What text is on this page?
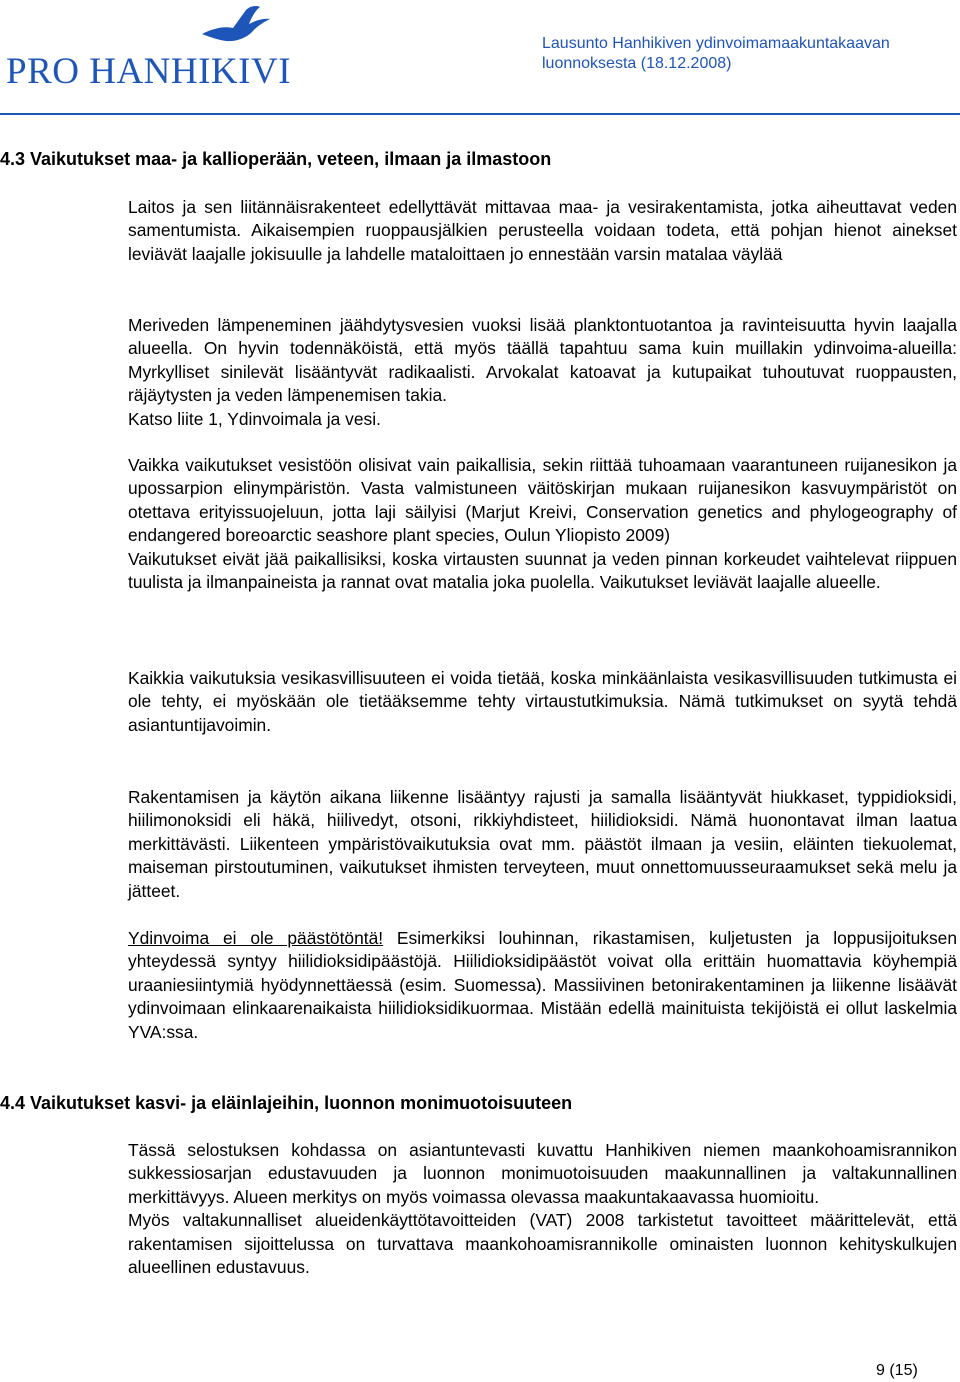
PRO HANHIKIVI
Lausunto Hanhikiven ydinvoimamaakuntakaavan
luonnoksesta (18.12.2008)
4.3 Vaikutukset maa- ja kallioperään, veteen, ilmaan ja ilmastoon

Laitos ja sen liitännäisrakenteet edellyttävät mittavaa maa- ja vesirakentamista, jotka aiheuttavat veden samentumista. Aikaisempien ruoppausjälkien perusteella voidaan todeta, että pohjan hienot ainekset leviävät laajalle jokisuulle ja lahdelle mataloittaen jo ennestään varsin matalaa väylää

Meriveden lämpeneminen jäähdytysvesien vuoksi lisää planktontuotantoa ja ravinteisuutta hyvin laajalla alueella. On hyvin todennäköistä, että myös täällä tapahtuu sama kuin muillakin ydinvoima-alueilla: Myrkylliset sinilevät lisääntyvät radikaalisti. Arvokalat katoavat ja kutupaikat tuhoutuvat ruoppausten, räjäytysten ja veden lämpenemisen takia.

Katso liite 1, Ydinvoimala ja vesi.

Vaikka vaikutukset vesistöön olisivat vain paikallisia, sekin riittää tuhoamaan vaarantuneen ruijanesikon ja upossarpion elinympäristön. Vasta valmistuneen väitöskirjan mukaan ruijanesikon kasvuympäristöt on otettava erityissuojeluun, jotta laji säilyisi (Marjut Kreivi, Conservation genetics and phylogeography of endangered boreoarctic seashore plant species, Oulun Yliopisto 2009)

Vaikutukset eivät jää paikallisiksi, koska virtausten suunnat ja veden pinnan korkeudet vaihtelevat riippuen tuulista ja ilmanpaineista ja rannat ovat matalia joka puolella. Vaikutukset leviävät laajalle alueelle.

Kaikkia vaikutuksia vesikasvillisuuteen ei voida tietää, koska minkäänlaista vesikasvillisuuden tutkimusta ei ole tehty, ei myöskään ole tietääksemme tehty virtaustutkimuksia. Nämä tutkimukset on syytä tehdä asiantuntijavoimin.

Rakentamisen ja käytön aikana liikenne lisääntyy rajusti ja samalla lisääntyvät hiukkaset, typpidioksidi, hiilimonoksidi eli häkä, hiilivedyt, otsoni, rikkiyhdisteet, hiilidioksidi. Nämä huonontavat ilman laatua merkittävästi. Liikenteen ympäristövaikutuksia ovat mm. päästöt ilmaan ja vesiin, eläinten tiekuolemat, maiseman pirstoutuminen, vaikutukset ihmisten terveyteen, muut onnettomuusseuraamukset sekä melu ja jätteet.

Ydinvoima ei ole päästötöntä! Esimerkiksi louhinnan, rikastamisen, kuljetusten ja loppusijoituksen yhteydessä syntyy hiilidioksidipäästöjä. Hiilidioksidipäästöt voivat olla erittäin huomattavia köyhempiä uraaniesiintymiä hyödynnettäessä (esim. Suomessa). Massiivinen betonirakentaminen ja liikenne lisäävät ydinvoimaan elinkaarenaikaista hiilidioksidikuormaa. Mistään edellä mainituista tekijöistä ei ollut laskelmia YVA:ssa.

4.4 Vaikutukset kasvi- ja eläinlajeihin, luonnon monimuotoisuuteen

Tässä selostuksen kohdassa on asiantuntevasti kuvattu Hanhikiven niemen maankohoamisrannikon sukkessiosarjan edustavuuden ja luonnon monimuotoisuuden maakunnallinen ja valtakunnallinen merkittävyys. Alueen merkitys on myös voimassa olevassa maakuntakaavassa huomioitu.

Myös valtakunnalliset alueidenkäyttötavoitteiden (VAT) 2008 tarkistetut tavoitteet määrittelevät, että rakentamisen sijoittelussa on turvattava maankohoamisrannikolle ominaisten luonnon kehityskulkujen alueellinen edustavuus.

9 (15)
